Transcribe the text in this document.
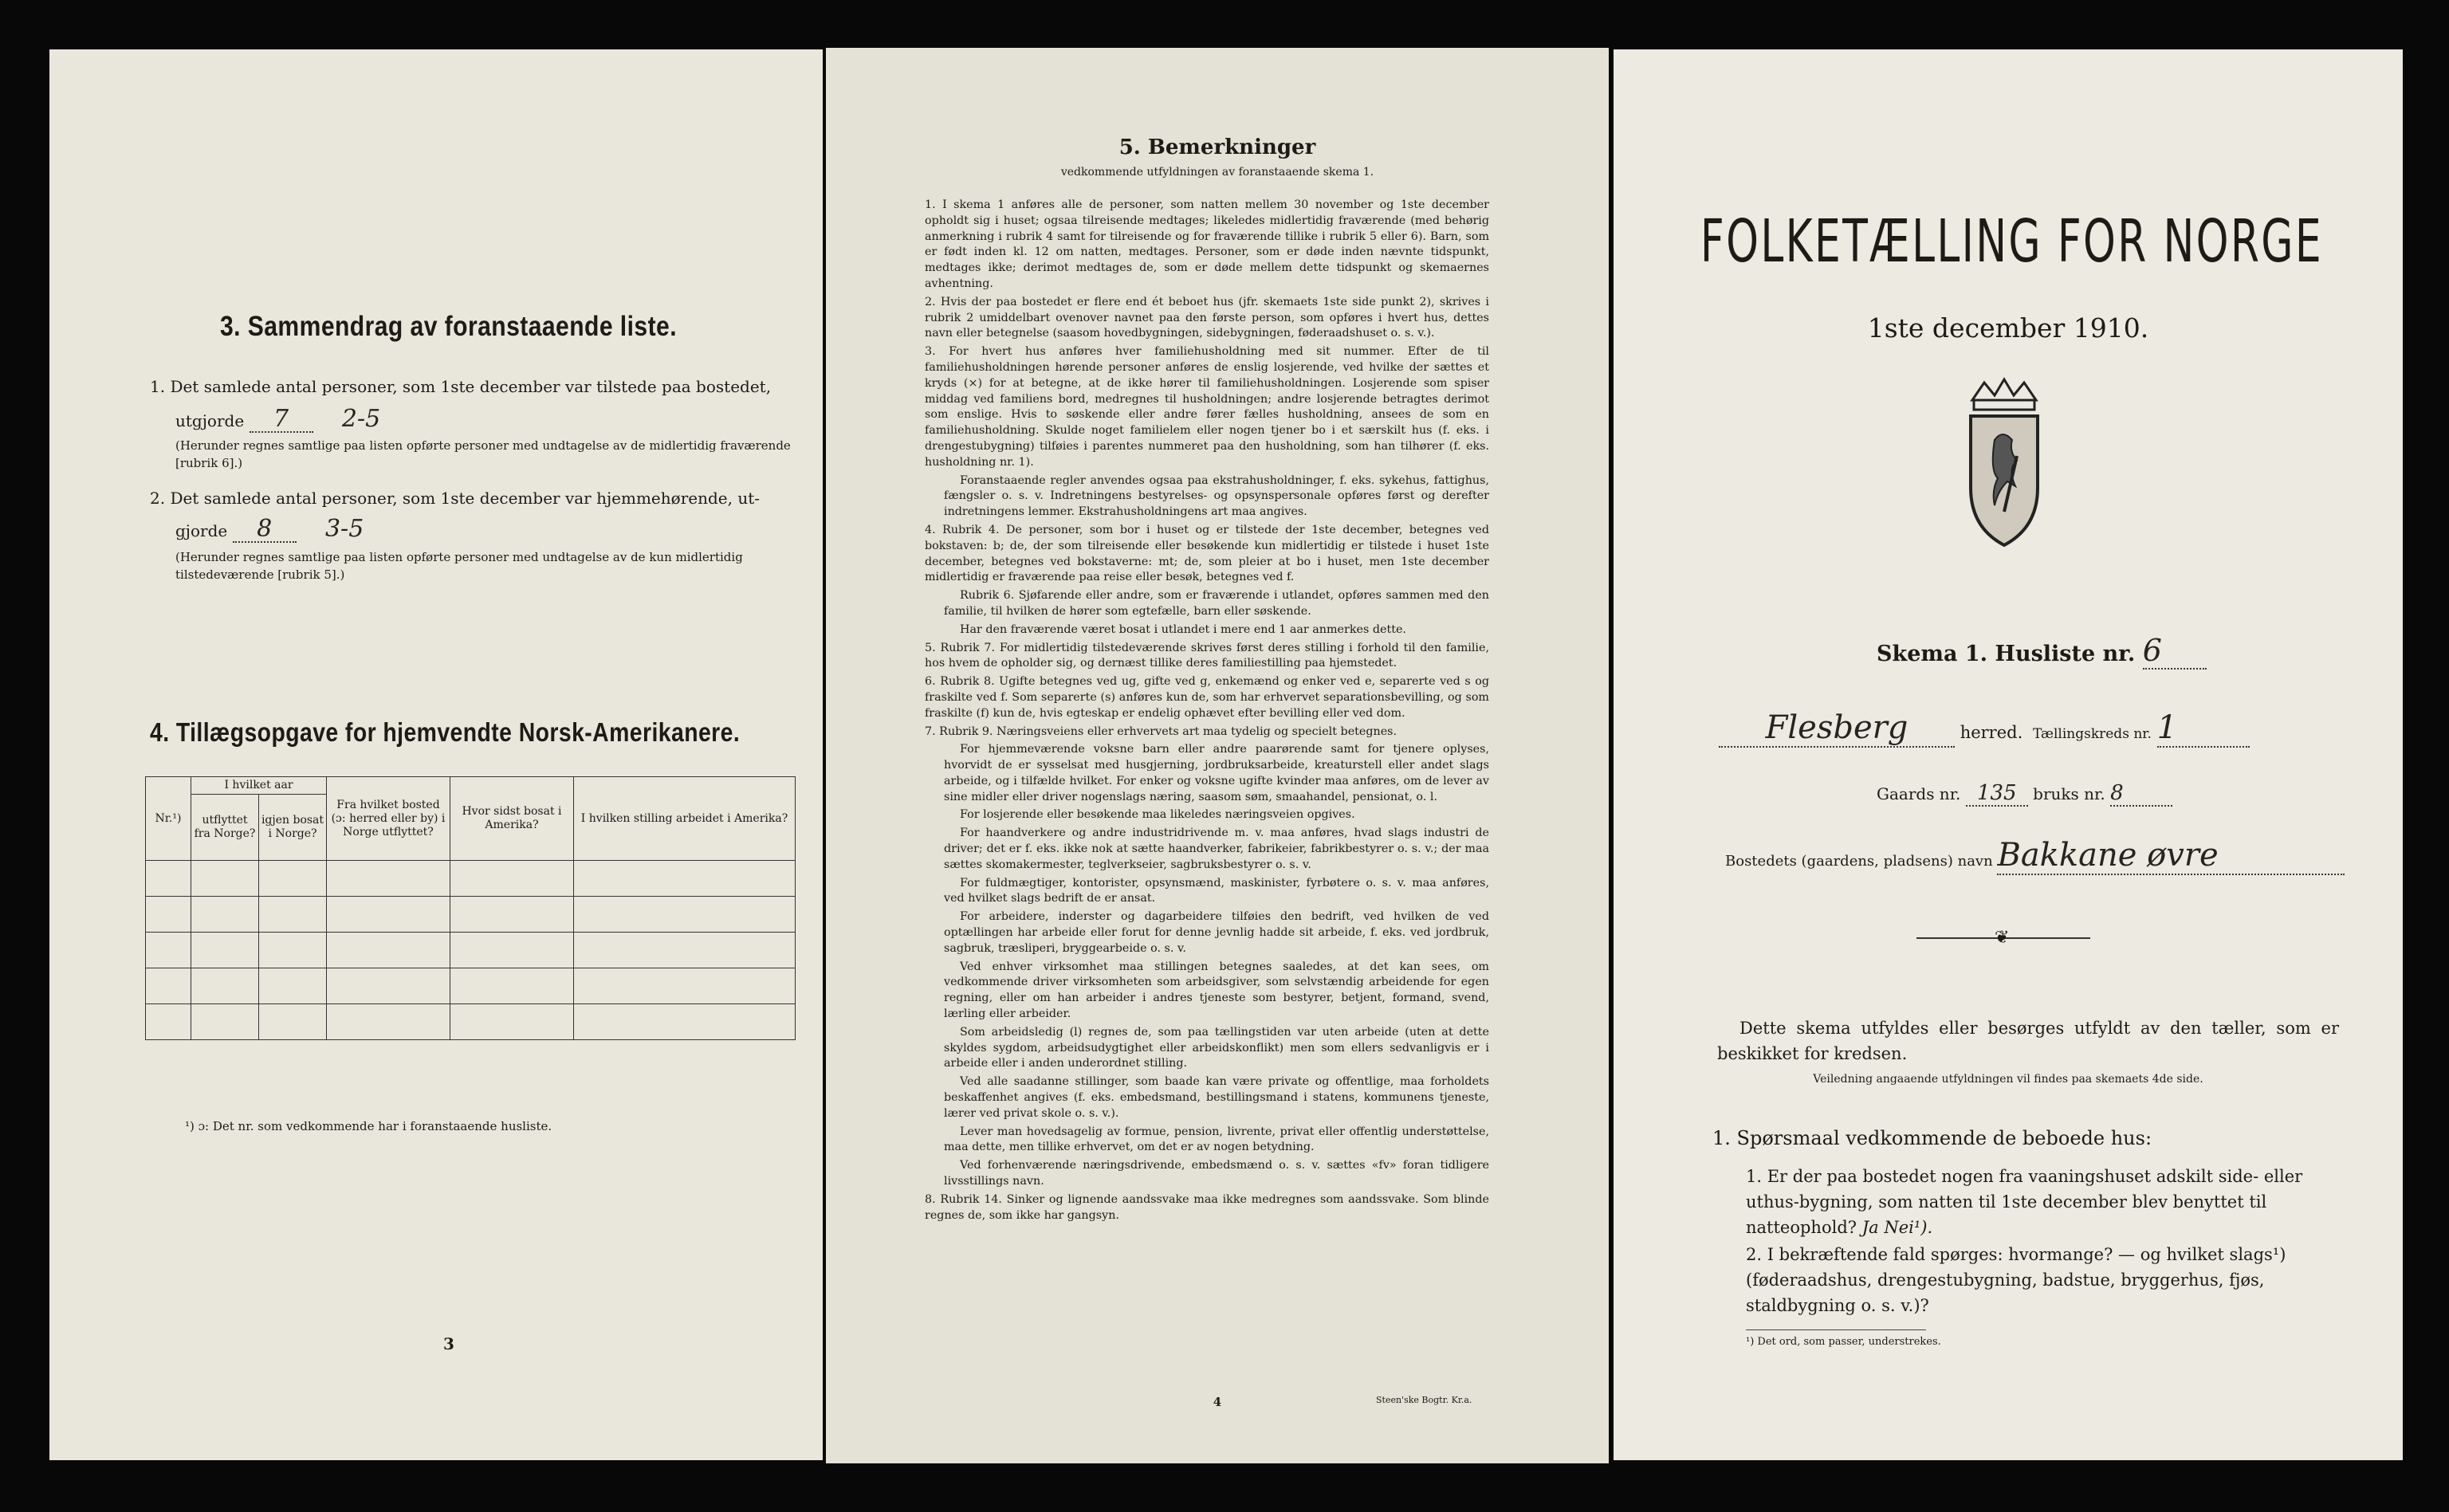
3. Sammendrag av foranstaaende liste.
1. Det samlede antal personer, som 1ste december var tilstede paa bostedet,
utgjorde 7 2-5
(Herunder regnes samtlige paa listen opførte personer med undtagelse av de midlertidig fraværende [rubrik 6].)
2. Det samlede antal personer, som 1ste december var hjemmehørende, ut-
gjorde 8 3-5
(Herunder regnes samtlige paa listen opførte personer med undtagelse av de kun midlertidig tilstedeværende [rubrik 5].)
4. Tillægsopgave for hjemvendte Norsk-Amerikanere.
Nr.¹)	I hvilket aar		Fra hvilket bosted (ɔ: herred eller by) i Norge utflyttet?	Hvor sidst bosat i Amerika?	I hvilken stilling arbeidet i Amerika?
	utflyttet fra Norge?	igjen bosat i Norge?			

¹) ɔ: Det nr. som vedkommende har i foranstaaende husliste.
3
5. Bemerkninger
vedkommende utfyldningen av foranstaaende skema 1.
1. I skema 1 anføres alle de personer, som natten mellem 30 november og 1ste december opholdt sig i huset; ogsaa tilreisende medtages; likeledes midlertidig fraværende (med behørig anmerkning i rubrik 4 samt for tilreisende og for fraværende tillike i rubrik 5 eller 6). Barn, som er født inden kl. 12 om natten, medtages. Personer, som er døde inden nævnte tidspunkt, medtages ikke; derimot medtages de, som er døde mellem dette tidspunkt og skemaernes avhentning.
2. Hvis der paa bostedet er flere end ét beboet hus (jfr. skemaets 1ste side punkt 2), skrives i rubrik 2 umiddelbart ovenover navnet paa den første person, som opføres i hvert hus, dettes navn eller betegnelse (saasom hovedbygningen, sidebygningen, føderaadshuset o. s. v.).
3. For hvert hus anføres hver familiehusholdning med sit nummer. Efter de til familiehusholdningen hørende personer anføres de enslig losjerende, ved hvilke der sættes et kryds (×) for at betegne, at de ikke hører til familiehusholdningen. Losjerende som spiser middag ved familiens bord, medregnes til husholdningen; andre losjerende betragtes derimot som enslige. Hvis to søskende eller andre fører fælles husholdning, ansees de som en familiehusholdning. Skulde noget familielem eller nogen tjener bo i et særskilt hus (f. eks. i drengestubygning) tilføies i parentes nummeret paa den husholdning, som han tilhører (f. eks. husholdning nr. 1).
Foranstaaende regler anvendes ogsaa paa ekstrahusholdninger, f. eks. sykehus, fattighus, fængsler o. s. v. Indretningens bestyrelses- og opsynspersonale opføres først og derefter indretningens lemmer. Ekstrahusholdningens art maa angives.
4. Rubrik 4. De personer, som bor i huset og er tilstede der 1ste december, betegnes ved bokstaven: b; de, der som tilreisende eller besøkende kun midlertidig er tilstede i huset 1ste december, betegnes ved bokstaverne: mt; de, som pleier at bo i huset, men 1ste december midlertidig er fraværende paa reise eller besøk, betegnes ved f.
Rubrik 6. Sjøfarende eller andre, som er fraværende i utlandet, opføres sammen med den familie, til hvilken de hører som egtefælle, barn eller søskende.
Har den fraværende været bosat i utlandet i mere end 1 aar anmerkes dette.
5. Rubrik 7. For midlertidig tilstedeværende skrives først deres stilling i forhold til den familie, hos hvem de opholder sig, og dernæst tillike deres familiestilling paa hjemstedet.
6. Rubrik 8. Ugifte betegnes ved ug, gifte ved g, enkemænd og enker ved e, separerte ved s og fraskilte ved f. Som separerte (s) anføres kun de, som har erhvervet separationsbevilling, og som fraskilte (f) kun de, hvis egteskap er endelig ophævet efter bevilling eller ved dom.
7. Rubrik 9. Næringsveiens eller erhvervets art maa tydelig og specielt betegnes.
For hjemmeværende voksne barn eller andre paarørende samt for tjenere oplyses, hvorvidt de er sysselsat med husgjerning, jordbruksarbeide, kreaturstell eller andet slags arbeide, og i tilfælde hvilket. For enker og voksne ugifte kvinder maa anføres, om de lever av sine midler eller driver nogenslags næring, saasom søm, smaahandel, pensionat, o. l.
For losjerende eller besøkende maa likeledes næringsveien opgives.
For haandverkere og andre industridrivende m. v. maa anføres, hvad slags industri de driver; det er f. eks. ikke nok at sætte haandverker, fabrikeier, fabrikbestyrer o. s. v.; der maa sættes skomakermester, teglverkseier, sagbruksbestyrer o. s. v.
For fuldmægtiger, kontorister, opsynsmænd, maskinister, fyrbøtere o. s. v. maa anføres, ved hvilket slags bedrift de er ansat.
For arbeidere, inderster og dagarbeidere tilføies den bedrift, ved hvilken de ved optællingen har arbeide eller forut for denne jevnlig hadde sit arbeide, f. eks. ved jordbruk, sagbruk, træsliperi, bryggearbeide o. s. v.
Ved enhver virksomhet maa stillingen betegnes saaledes, at det kan sees, om vedkommende driver virksomheten som arbeidsgiver, som selvstændig arbeidende for egen regning, eller om han arbeider i andres tjeneste som bestyrer, betjent, formand, svend, lærling eller arbeider.
Som arbeidsledig (l) regnes de, som paa tællingstiden var uten arbeide (uten at dette skyldes sygdom, arbeidsudygtighet eller arbeidskonflikt) men som ellers sedvanligvis er i arbeide eller i anden underordnet stilling.
Ved alle saadanne stillinger, som baade kan være private og offentlige, maa forholdets beskaffenhet angives (f. eks. embedsmand, bestillingsmand i statens, kommunens tjeneste, lærer ved privat skole o. s. v.).
Lever man hovedsagelig av formue, pension, livrente, privat eller offentlig understøttelse, maa dette, men tillike erhvervet, om det er av nogen betydning.
Ved forhenværende næringsdrivende, embedsmænd o. s. v. sættes «fv» foran tidligere livsstillings navn.
8. Rubrik 14. Sinker og lignende aandssvake maa ikke medregnes som aandssvake. Som blinde regnes de, som ikke har gangsyn.
4	Steen'ske Bogtr. Kr.a.
FOLKETÆLLING FOR NORGE
1ste december 1910.
Skema 1. Husliste nr. 6
Flesberg	herred. Tællingskreds nr. 1
Gaards nr. 135 bruks nr. 8
Bostedets (gaardens, pladsens) navn Bakkane øvre
❦
Dette skema utfyldes eller besørges utfyldt av den tæller, som er beskikket for kredsen.
Veiledning angaaende utfyldningen vil findes paa skemaets 4de side.
1. Spørsmaal vedkommende de beboede hus:
1. Er der paa bostedet nogen fra vaaningshuset adskilt side- eller uthus-bygning, som natten til 1ste december blev benyttet til natteophold? Ja Nei¹).
2. I bekræftende fald spørges: hvormange? — og hvilket slags¹) (føderaadshus, drengestubygning, badstue, bryggerhus, fjøs, staldbygning o. s. v.)?
¹) Det ord, som passer, understrekes.
